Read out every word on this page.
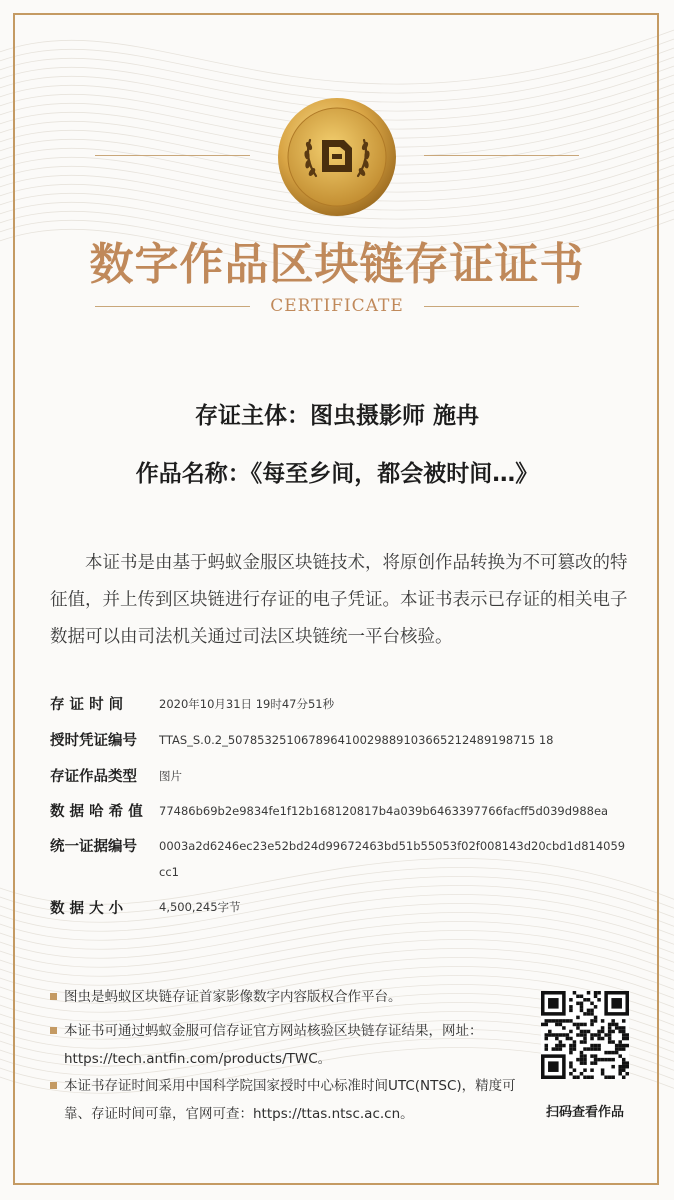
数字作品区块链存证证书
CERTIFICATE
存证主体：图虫摄影师 施冉
作品名称：《每至乡间，都会被时间…》
本证书是由基于蚂蚁金服区块链技术，将原创作品转换为不可篡改的特征值，并上传到区块链进行存证的电子凭证。本证书表示已存证的相关电子数据可以由司法机关通过司法区块链统一平台核验。
存 证 时 间	2020年10月31日 19时47分51秒
授时凭证编号 TTAS_S.0.2_507853251067896410029889103665212489198715 18
存证作品类型 图片
数 据 哈 希 值 77486b69b2e9834fe1f12b168120817b4a039b6463397766facff5d039d988ea
统一证据编号 0003a2d6246ec23e52bd24d99672463bd51b55053f02f008143d20cbd1d814059cc1
数 据 大 小	4,500,245字节
图虫是蚂蚁区块链存证首家影像数字内容版权合作平台。
本证书可通过蚂蚁金服可信存证官方网站核验区块链存证结果，网址：https://tech.antfin.com/products/TWC。
本证书存证时间采用中国科学院国家授时中心标准时间UTC(NTSC)，精度可靠、存证时间可靠，官网可查：https://ttas.ntsc.ac.cn。	扫码查看作品
